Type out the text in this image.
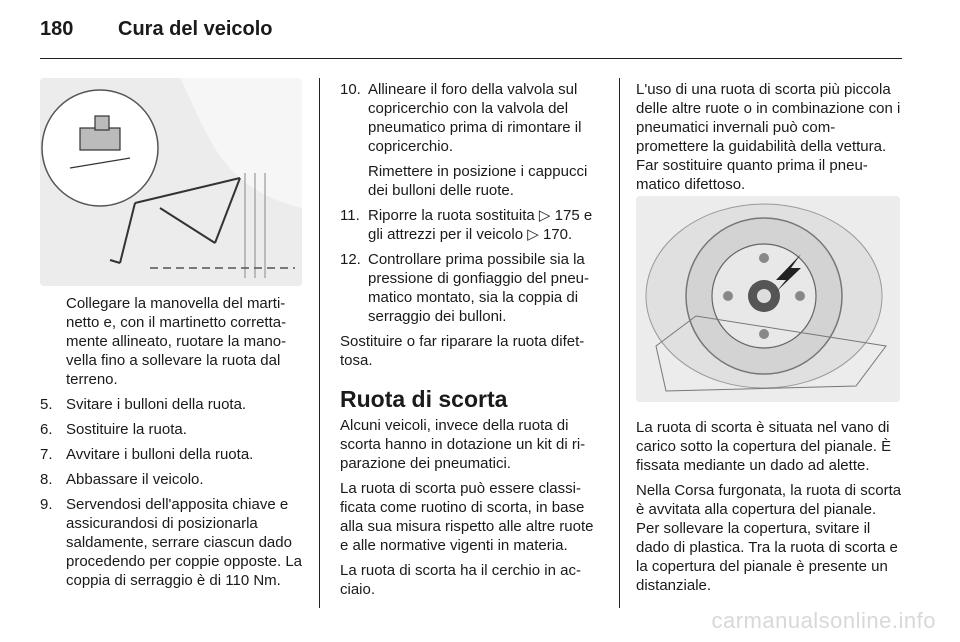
180 Cura del veicolo

Collegare la manovella del martinetto e, con il martinetto correttamente allineato, ruotare la manovella fino a sollevare la ruota dal terreno.

5. Svitare i bulloni della ruota.
6. Sostituire la ruota.
7. Avvitare i bulloni della ruota.
8. Abbassare il veicolo.
9. Servendosi dell'apposita chiave e assicurandosi di posizionarla saldamente, serrare ciascun dado procedendo per coppie opposte. La coppia di serraggio è di 110 Nm.
10. Allineare il foro della valvola sul copricerchio con la valvola del pneumatico prima di rimontare il copricerchio.
Rimettere in posizione i cappucci dei bulloni delle ruote.
11. Riporre la ruota sostituita ▷ 175 e gli attrezzi per il veicolo ▷ 170.
12. Controllare prima possibile sia la pressione di gonfiaggio del pneumatico montato, sia la coppia di serraggio dei bulloni.

Sostituire o far riparare la ruota difettosa.

Ruota di scorta

Alcuni veicoli, invece della ruota di scorta hanno in dotazione un kit di riparazione dei pneumatici.

La ruota di scorta può essere classificata come ruotino di scorta, in base alla sua misura rispetto alle altre ruote e alle normative vigenti in materia.

La ruota di scorta ha il cerchio in acciaio.

L'uso di una ruota di scorta più piccola delle altre ruote o in combinazione con i pneumatici invernali può compromettere la guidabilità della vettura. Far sostituire quanto prima il pneumatico difettoso.

La ruota di scorta è situata nel vano di carico sotto la copertura del pianale. È fissata mediante un dado ad alette.

Nella Corsa furgonata, la ruota di scorta è avvitata alla copertura del pianale. Per sollevare la copertura, svitare il dado di plastica. Tra la ruota di scorta e la copertura del pianale è presente un distanziale.

carmanualsonline.info
